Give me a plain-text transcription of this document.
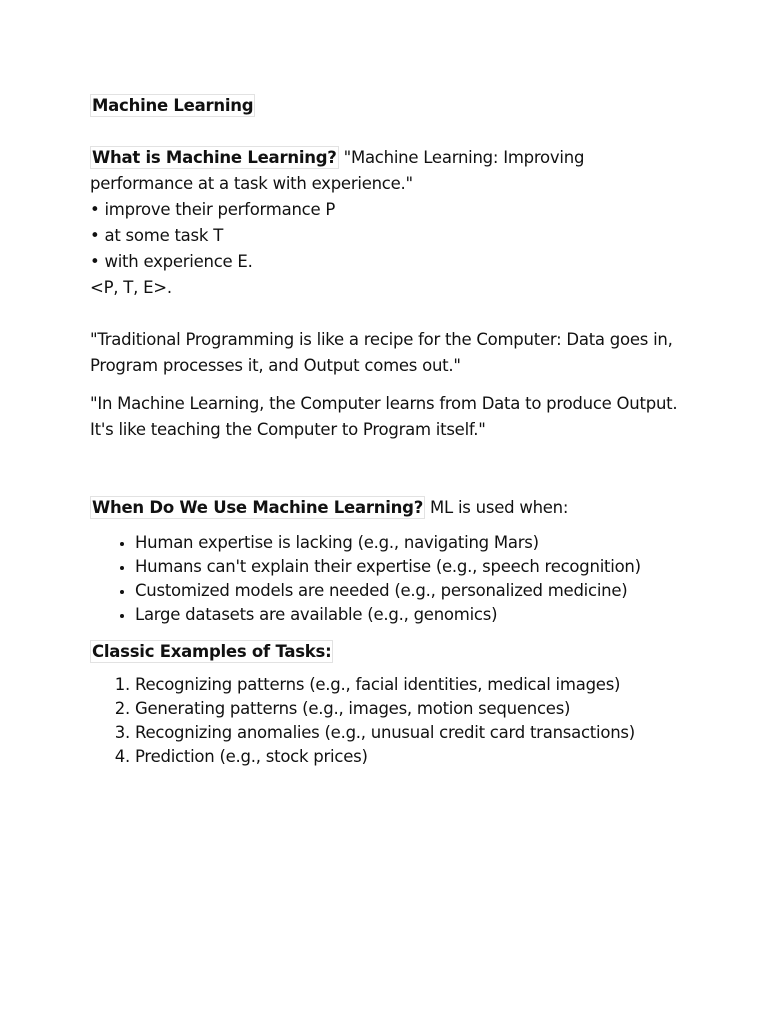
Machine Learning

What is Machine Learning? "Machine Learning: Improving performance at a task with experience."

• improve their performance P

• at some task T

• with experience E.

<P, T, E>.

"Traditional Programming is like a recipe for the Computer: Data goes in, Program processes it, and Output comes out."

"In Machine Learning, the Computer learns from Data to produce Output. It's like teaching the Computer to Program itself."

When Do We Use Machine Learning? ML is used when:

• Human expertise is lacking (e.g., navigating Mars)
• Humans can't explain their expertise (e.g., speech recognition)
• Customized models are needed (e.g., personalized medicine)
• Large datasets are available (e.g., genomics)

Classic Examples of Tasks:

1. Recognizing patterns (e.g., facial identities, medical images)
2. Generating patterns (e.g., images, motion sequences)
3. Recognizing anomalies (e.g., unusual credit card transactions)
4. Prediction (e.g., stock prices)
